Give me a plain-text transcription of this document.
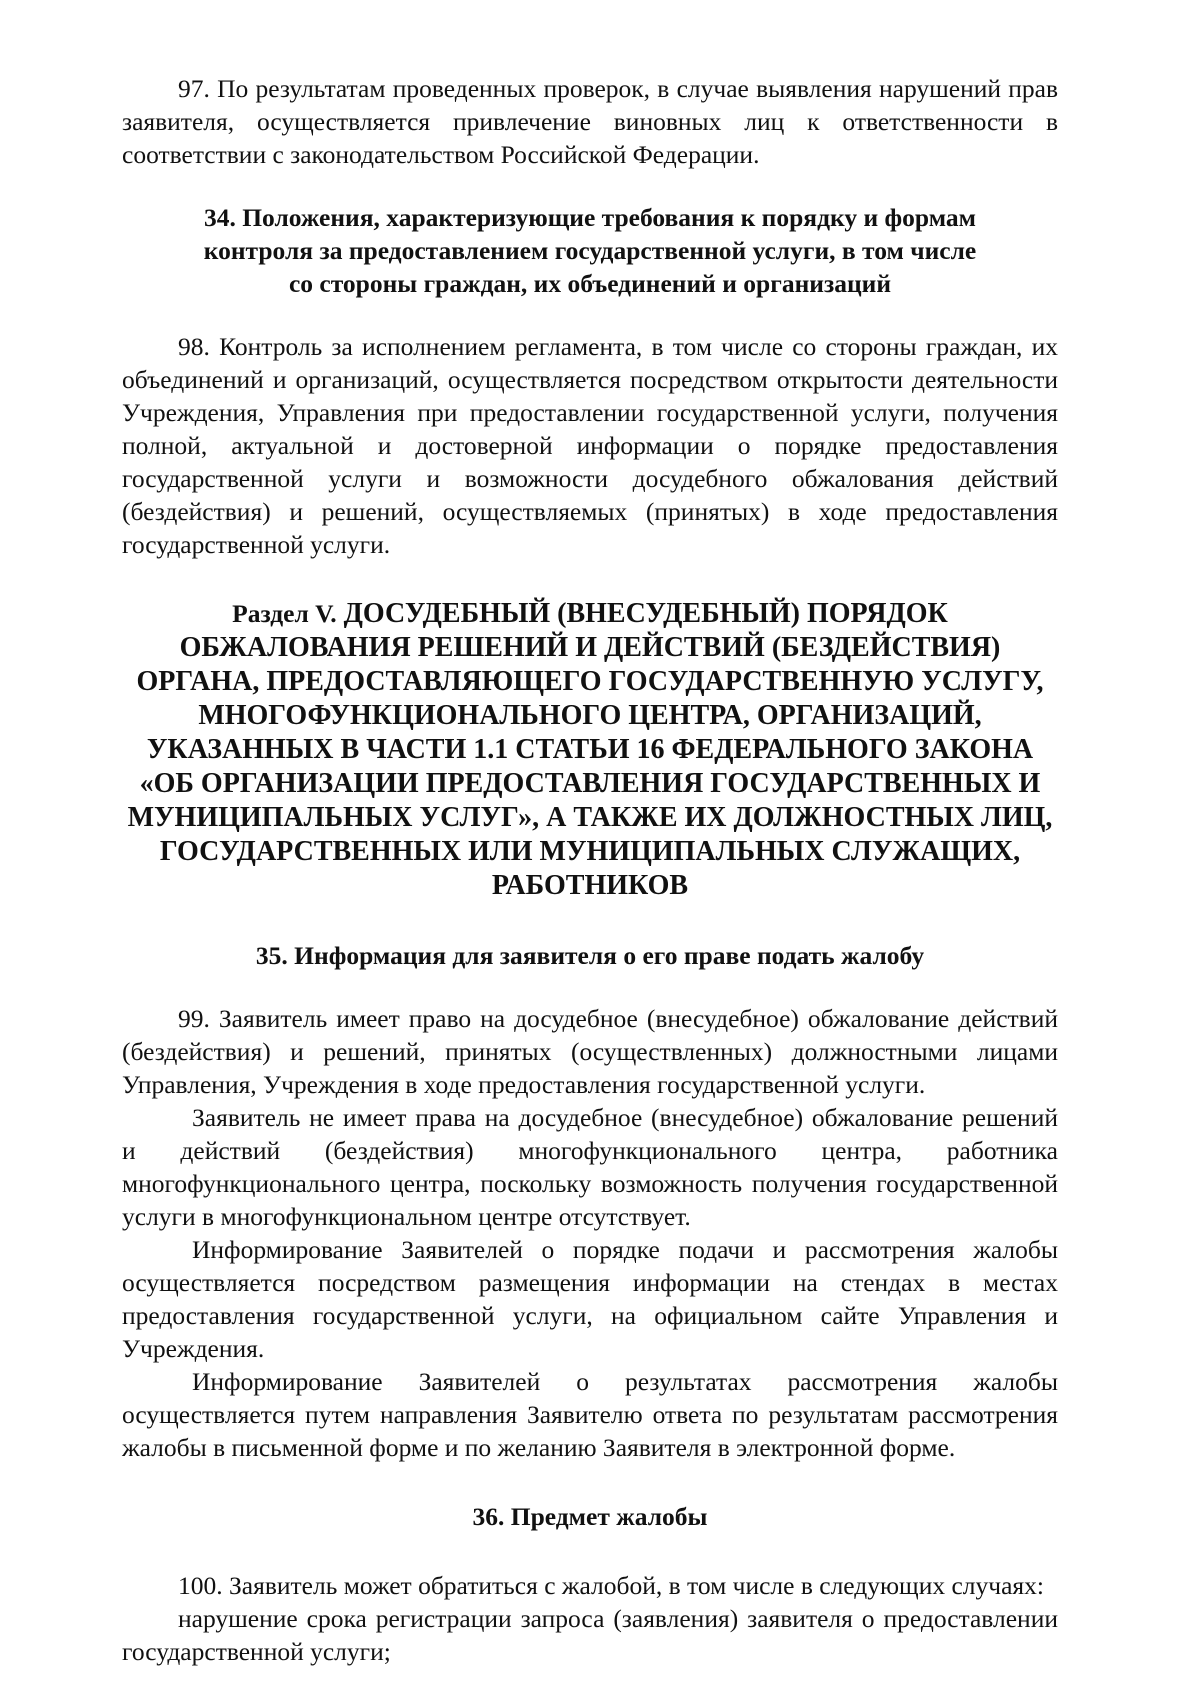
97. По результатам проведенных проверок, в случае выявления нарушений прав заявителя, осуществляется привлечение виновных лиц к ответственности в соответствии с законодательством Российской Федерации.

34. Положения, характеризующие требования к порядку и формам контроля за предоставлением государственной услуги, в том числе со стороны граждан, их объединений и организаций

98. Контроль за исполнением регламента, в том числе со стороны граждан, их объединений и организаций, осуществляется посредством открытости деятельности Учреждения, Управления при предоставлении государственной услуги, получения полной, актуальной и достоверной информации о порядке предоставления государственной услуги и возможности досудебного обжалования действий (бездействия) и решений, осуществляемых (принятых) в ходе предоставления государственной услуги.

Раздел V. ДОСУДЕБНЫЙ (ВНЕСУДЕБНЫЙ) ПОРЯДОК ОБЖАЛОВАНИЯ РЕШЕНИЙ И ДЕЙСТВИЙ (БЕЗДЕЙСТВИЯ) ОРГАНА, ПРЕДОСТАВЛЯЮЩЕГО ГОСУДАРСТВЕННУЮ УСЛУГУ, МНОГОФУНКЦИОНАЛЬНОГО ЦЕНТРА, ОРГАНИЗАЦИЙ, УКАЗАННЫХ В ЧАСТИ 1.1 СТАТЬИ 16 ФЕДЕРАЛЬНОГО ЗАКОНА «ОБ ОРГАНИЗАЦИИ ПРЕДОСТАВЛЕНИЯ ГОСУДАРСТВЕННЫХ И МУНИЦИПАЛЬНЫХ УСЛУГ», А ТАКЖЕ ИХ ДОЛЖНОСТНЫХ ЛИЦ, ГОСУДАРСТВЕННЫХ ИЛИ МУНИЦИПАЛЬНЫХ СЛУЖАЩИХ, РАБОТНИКОВ
35. Информация для заявителя о его праве подать жалобу

99. Заявитель имеет право на досудебное (внесудебное) обжалование действий (бездействия) и решений, принятых (осуществленных) должностными лицами Управления, Учреждения в ходе предоставления государственной услуги.

Заявитель не имеет права на досудебное (внесудебное) обжалование решений и действий (бездействия) многофункционального центра, работника многофункционального центра, поскольку возможность получения государственной услуги в многофункциональном центре отсутствует.

Информирование Заявителей о порядке подачи и рассмотрения жалобы осуществляется посредством размещения информации на стендах в местах предоставления государственной услуги, на официальном сайте Управления и Учреждения.

Информирование Заявителей о результатах рассмотрения жалобы осуществляется путем направления Заявителю ответа по результатам рассмотрения жалобы в письменной форме и по желанию Заявителя в электронной форме.

36. Предмет жалобы

100. Заявитель может обратиться с жалобой, в том числе в следующих случаях:

нарушение срока регистрации запроса (заявления) заявителя о предоставлении государственной услуги;
